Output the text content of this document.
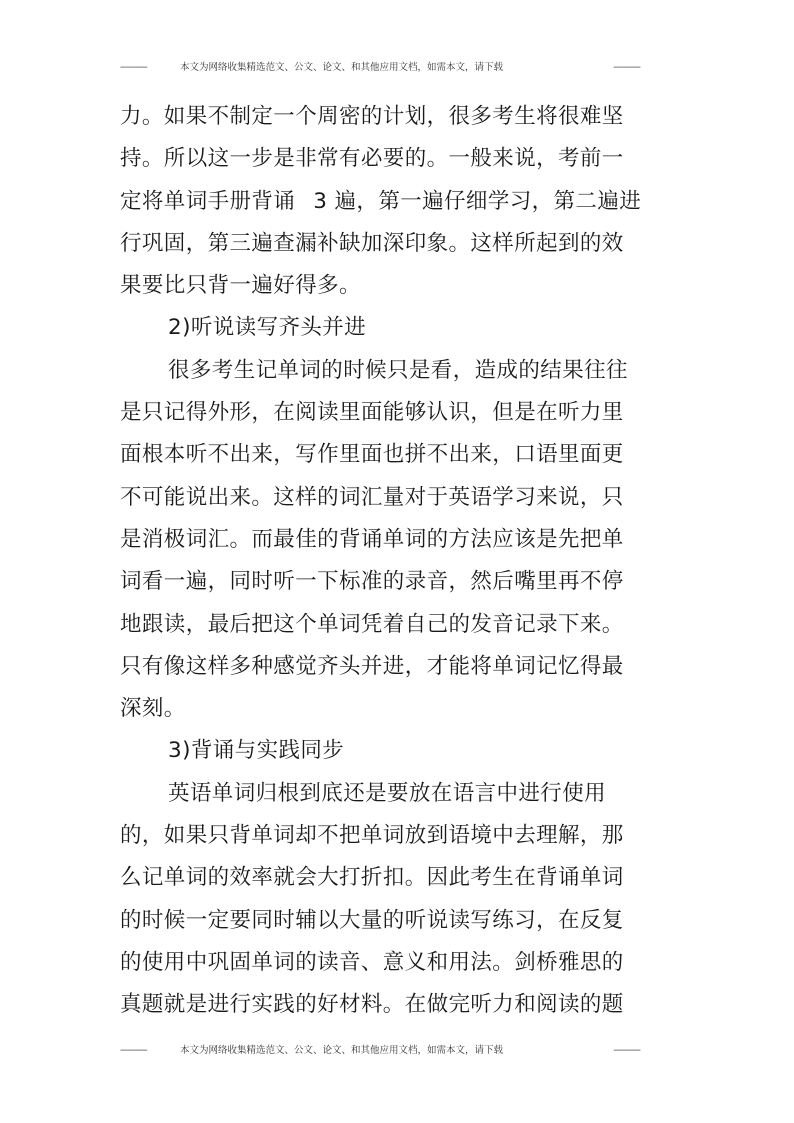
-----------	本文为网络收集精选范文、公文、论文、和其他应用文档，如需本文，请下载	-----------
力。如果不制定一个周密的计划，很多考生将很难坚
持。所以这一步是非常有必要的。一般来说，考前一
定将单词手册背诵 3 遍，第一遍仔细学习，第二遍进
行巩固，第三遍查漏补缺加深印象。这样所起到的效
果要比只背一遍好得多。
2)听说读写齐头并进
很多考生记单词的时候只是看，造成的结果往往
是只记得外形，在阅读里面能够认识，但是在听力里
面根本听不出来，写作里面也拼不出来，口语里面更
不可能说出来。这样的词汇量对于英语学习来说，只
是消极词汇。而最佳的背诵单词的方法应该是先把单
词看一遍，同时听一下标准的录音，然后嘴里再不停
地跟读，最后把这个单词凭着自己的发音记录下来。
只有像这样多种感觉齐头并进，才能将单词记忆得最
深刻。
3)背诵与实践同步
英语单词归根到底还是要放在语言中进行使用
的，如果只背单词却不把单词放到语境中去理解，那
么记单词的效率就会大打折扣。因此考生在背诵单词
的时候一定要同时辅以大量的听说读写练习，在反复
的使用中巩固单词的读音、意义和用法。剑桥雅思的
真题就是进行实践的好材料。在做完听力和阅读的题
-----------	本文为网络收集精选范文、公文、论文、和其他应用文档，如需本文，请下载	-----------
